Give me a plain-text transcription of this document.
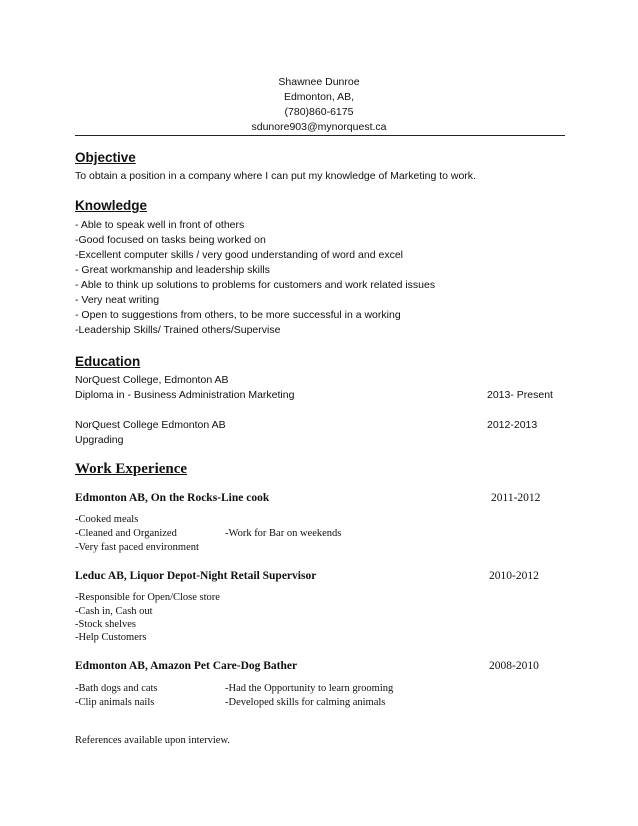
Shawnee Dunroe
Edmonton, AB,
(780)860-6175
sdunore903@mynorquest.ca
Objective
To obtain a position in a company where I can put my knowledge of Marketing to work.
Knowledge
- Able to speak well in front of others
-Good focused on tasks being worked on
-Excellent computer skills / very good understanding of word and excel
- Great workmanship and leadership skills
- Able to think up solutions to problems for customers and work related issues
- Very neat writing
- Open to suggestions from others, to be more successful in a working
-Leadership Skills/ Trained others/Supervise
Education
NorQuest College, Edmonton AB
Diploma in - Business Administration Marketing	2013- Present
NorQuest College Edmonton AB	2012-2013
Upgrading
Work Experience
Edmonton AB, On the Rocks-Line cook	2011-2012
-Cooked meals
-Cleaned and Organized	-Work for Bar on weekends
-Very fast paced environment
Leduc AB, Liquor Depot-Night Retail Supervisor	2010-2012
-Responsible for Open/Close store
-Cash in, Cash out
-Stock shelves
-Help Customers
Edmonton AB, Amazon Pet Care-Dog Bather	2008-2010
-Bath dogs and cats	-Had the Opportunity to learn grooming
-Clip animals nails	-Developed skills for calming animals
References available upon interview.
